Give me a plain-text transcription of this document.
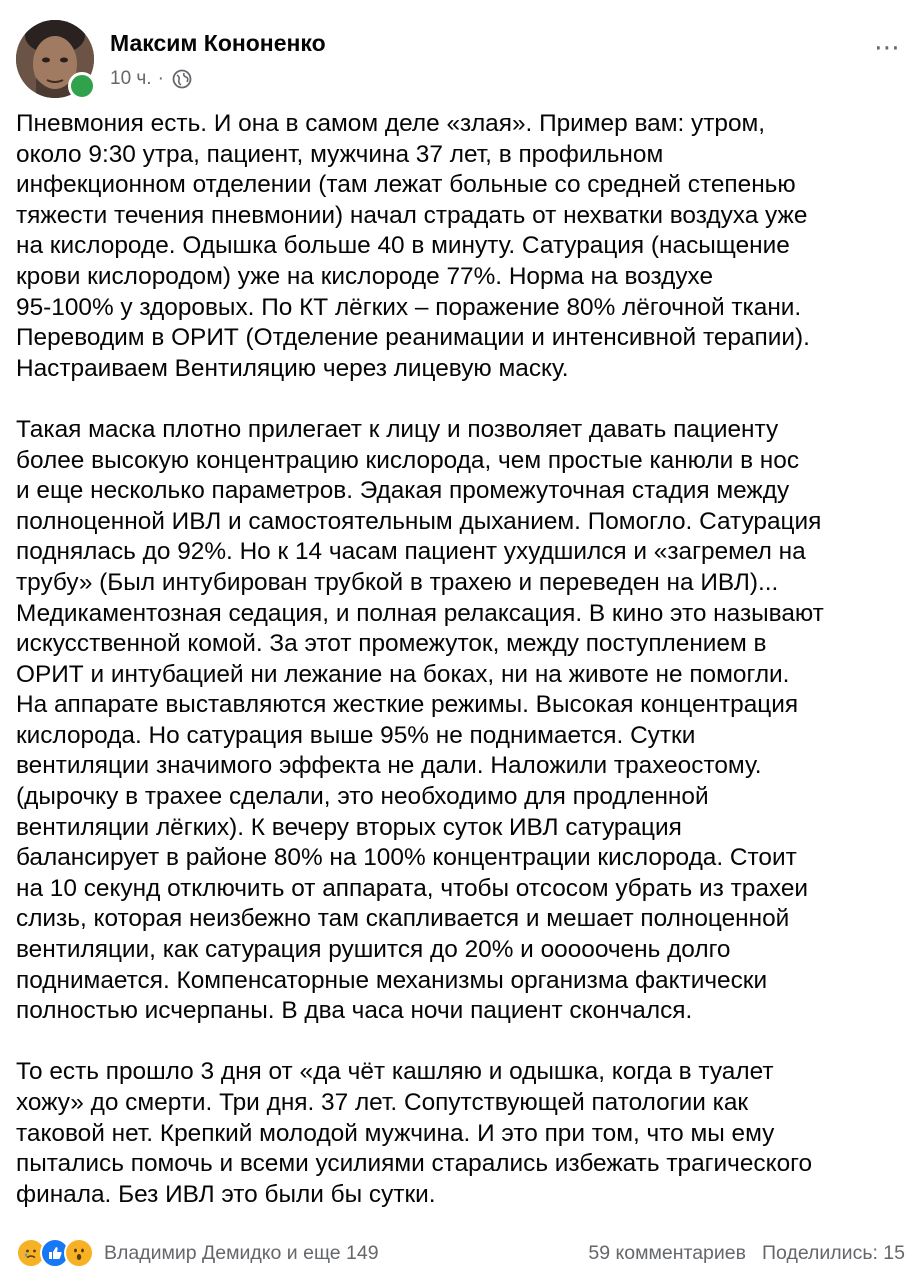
Максим Кононенко
10 ч. ·
⋯

Пневмония есть. И она в самом деле «злая». Пример вам: утром,
около 9:30 утра, пациент, мужчина 37 лет, в профильном
инфекционном отделении (там лежат больные со средней степенью
тяжести течения пневмонии) начал страдать от нехватки воздуха уже
на кислороде. Одышка больше 40 в минуту. Сатурация (насыщение
крови кислородом) уже на кислороде 77%. Норма на воздухе
95-100% у здоровых. По КТ лёгких – поражение 80% лёгочной ткани.
Переводим в ОРИТ (Отделение реанимации и интенсивной терапии).
Настраиваем Вентиляцию через лицевую маску.

Такая маска плотно прилегает к лицу и позволяет давать пациенту
более высокую концентрацию кислорода, чем простые канюли в нос
и еще несколько параметров. Эдакая промежуточная стадия между
полноценной ИВЛ и самостоятельным дыханием. Помогло. Сатурация
поднялась до 92%. Но к 14 часам пациент ухудшился и «загремел на
трубу» (Был интубирован трубкой в трахею и переведен на ИВЛ)...
Медикаментозная седация, и полная релаксация. В кино это называют
искусственной комой. За этот промежуток, между поступлением в
ОРИТ и интубацией ни лежание на боках, ни на животе не помогли.
На аппарате выставляются жесткие режимы. Высокая концентрация
кислорода. Но сатурация выше 95% не поднимается. Сутки
вентиляции значимого эффекта не дали. Наложили трахеостому.
(дырочку в трахее сделали, это необходимо для продленной
вентиляции лёгких). К вечеру вторых суток ИВЛ сатурация
балансирует в районе 80% на 100% концентрации кислорода. Стоит
на 10 секунд отключить от аппарата, чтобы отсосом убрать из трахеи
слизь, которая неизбежно там скапливается и мешает полноценной
вентиляции, как сатурация рушится до 20% и ооооочень долго
поднимается. Компенсаторные механизмы организма фактически
полностью исчерпаны. В два часа ночи пациент скончался.

То есть прошло 3 дня от «да чёт кашляю и одышка, когда в туалет
хожу» до смерти. Три дня. 37 лет. Сопутствующей патологии как
таковой нет. Крепкий молодой мужчина. И это при том, что мы ему
пытались помочь и всеми усилиями старались избежать трагического
финала. Без ИВЛ это были бы сутки.

Владимир Демидко и еще 149	59 комментариев Поделились: 15
